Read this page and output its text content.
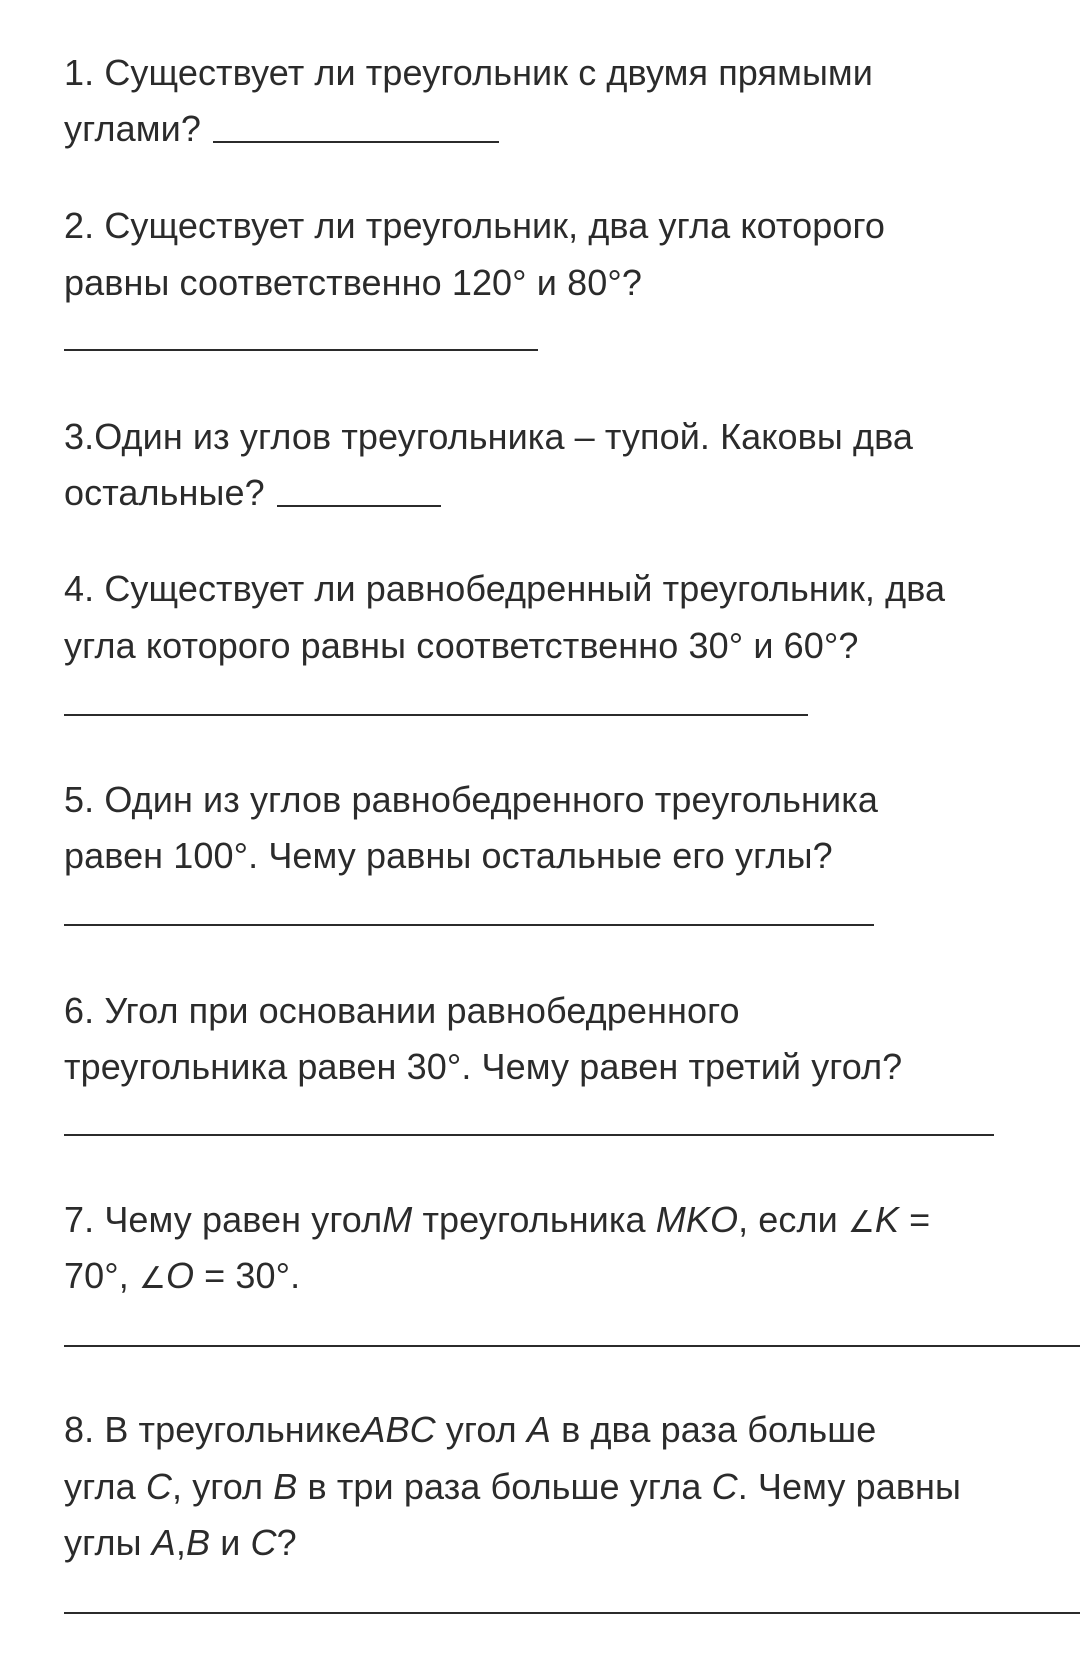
1. Существует ли треугольник с двумя прямыми
углами?
2. Существует ли треугольник, два угла которого
равны соответственно 120° и 80°?
3.Один из углов треугольника – тупой. Каковы два
остальные?
4. Существует ли равнобедренный треугольник, два
угла которого равны соответственно 30° и 60°?
5. Один из углов равнобедренного треугольника
равен 100°. Чему равны остальные его углы?
6. Угол при основании равнобедренного
треугольника равен 30°. Чему равен третий угол?
7. Чему равен уголM треугольника MKO, если ∠K =
70°, ∠O = 30°.
8. В треугольникеABC угол A в два раза больше
угла C, угол B в три раза больше угла C. Чему равны
углы A,B и C?
